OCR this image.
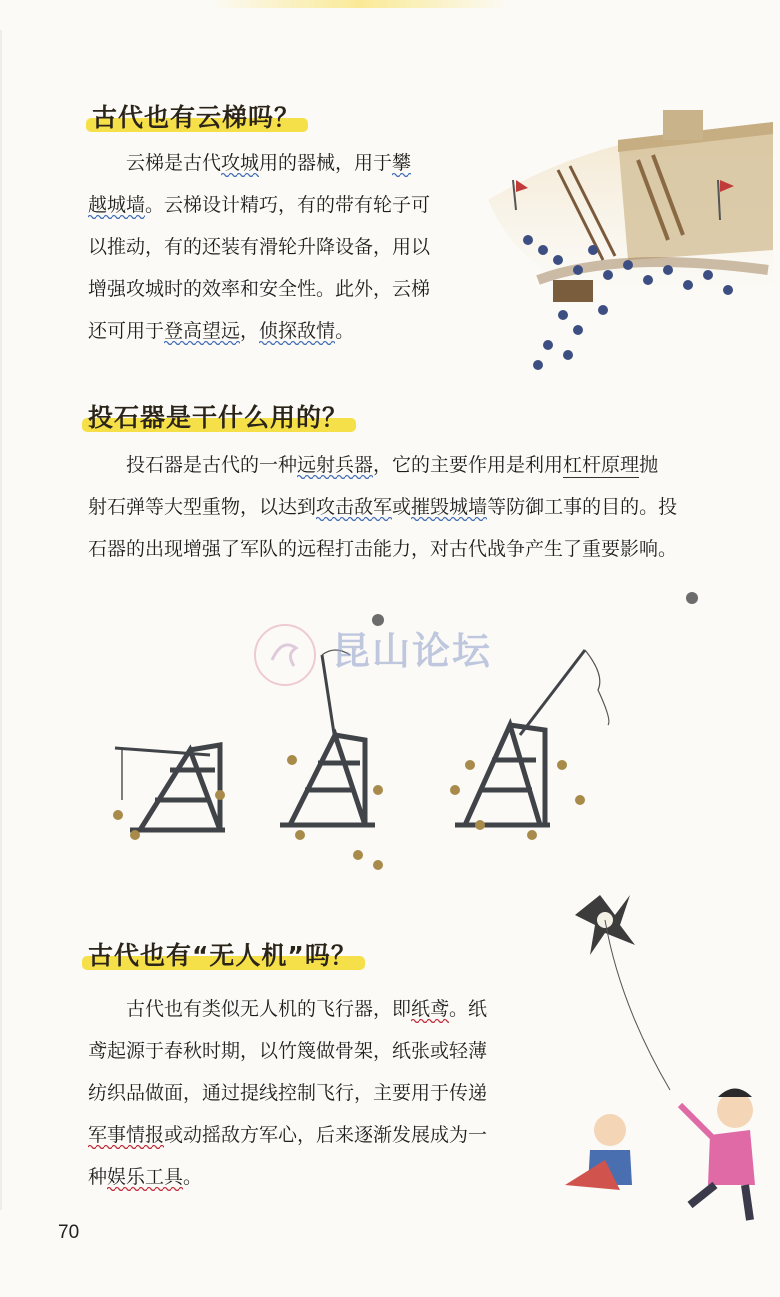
古代也有云梯吗？
云梯是古代攻城用的器械，用于攀
越城墙。云梯设计精巧，有的带有轮子可
以推动，有的还装有滑轮升降设备，用以
增强攻城时的效率和安全性。此外，云梯
还可用于登高望远，侦探敌情。
投石器是干什么用的？
投石器是古代的一种远射兵器，它的主要作用是利用杠杆原理抛
射石弹等大型重物，以达到攻击敌军或摧毁城墙等防御工事的目的。投
石器的出现增强了军队的远程打击能力，对古代战争产生了重要影响。
昆山论坛
古代也有“无人机”吗？
古代也有类似无人机的飞行器，即纸鸢。纸
鸢起源于春秋时期，以竹篾做骨架，纸张或轻薄
纺织品做面，通过提线控制飞行，主要用于传递
军事情报或动摇敌方军心，后来逐渐发展成为一
种娱乐工具。
70
